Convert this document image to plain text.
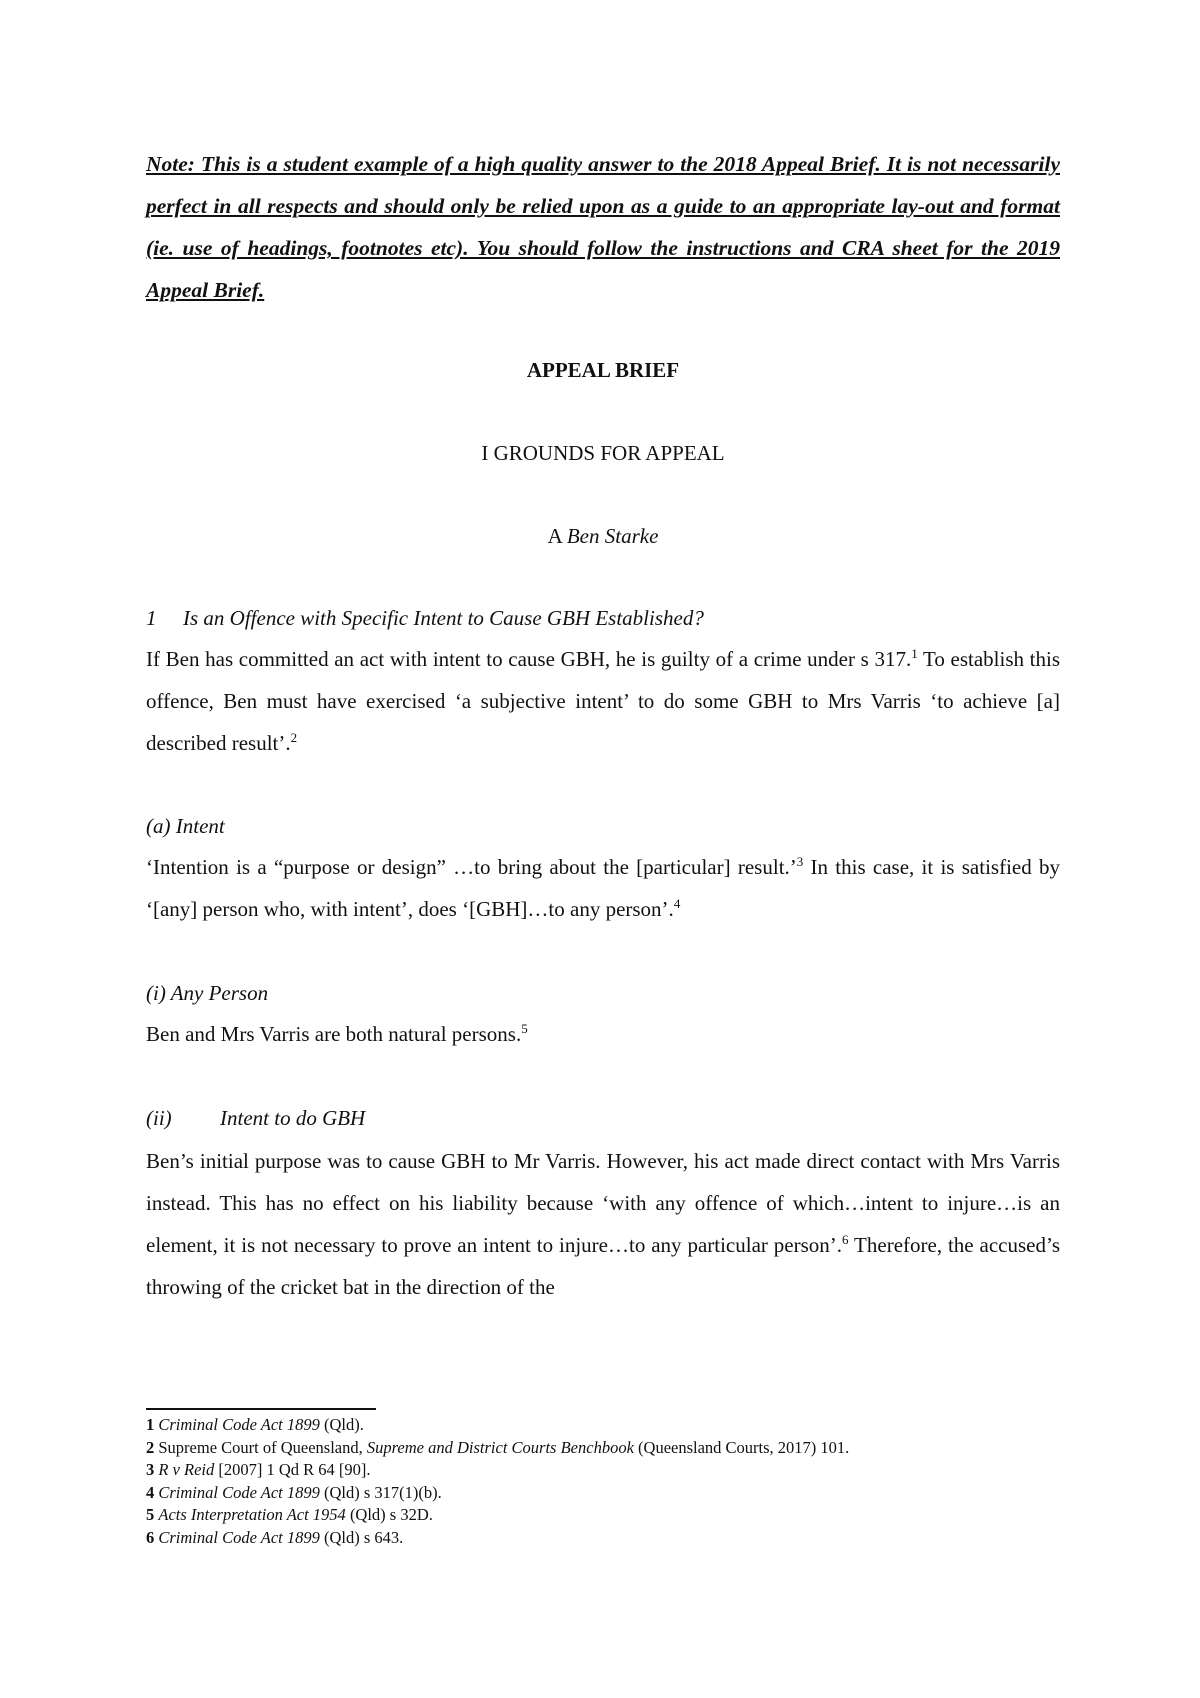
Note: This is a student example of a high quality answer to the 2018 Appeal Brief. It is not necessarily perfect in all respects and should only be relied upon as a guide to an appropriate lay-out and format (ie. use of headings, footnotes etc). You should follow the instructions and CRA sheet for the 2019 Appeal Brief.
APPEAL BRIEF
I GROUNDS FOR APPEAL
A Ben Starke
1 Is an Offence with Specific Intent to Cause GBH Established?
If Ben has committed an act with intent to cause GBH, he is guilty of a crime under s 317.$^1$ To establish this offence, Ben must have exercised ‘a subjective intent’ to do some GBH to Mrs Varris ‘to achieve [a] described result’.$^2$
(a) Intent
‘Intention is a “purpose or design” …to bring about the [particular] result.’$^3$ In this case, it is satisfied by ‘[any] person who, with intent’, does ‘[GBH]…to any person’.$^4$
(i) Any Person
Ben and Mrs Varris are both natural persons.$^5$
(ii) Intent to do GBH
Ben’s initial purpose was to cause GBH to Mr Varris. However, his act made direct contact with Mrs Varris instead. This has no effect on his liability because ‘with any offence of which…intent to injure…is an element, it is not necessary to prove an intent to injure…to any particular person’.$^6$ Therefore, the accused’s throwing of the cricket bat in the direction of the
1 Criminal Code Act 1899 (Qld).
2 Supreme Court of Queensland, Supreme and District Courts Benchbook (Queensland Courts, 2017) 101.
3 R v Reid [2007] 1 Qd R 64 [90].
4 Criminal Code Act 1899 (Qld) s 317(1)(b).
5 Acts Interpretation Act 1954 (Qld) s 32D.
6 Criminal Code Act 1899 (Qld) s 643.
